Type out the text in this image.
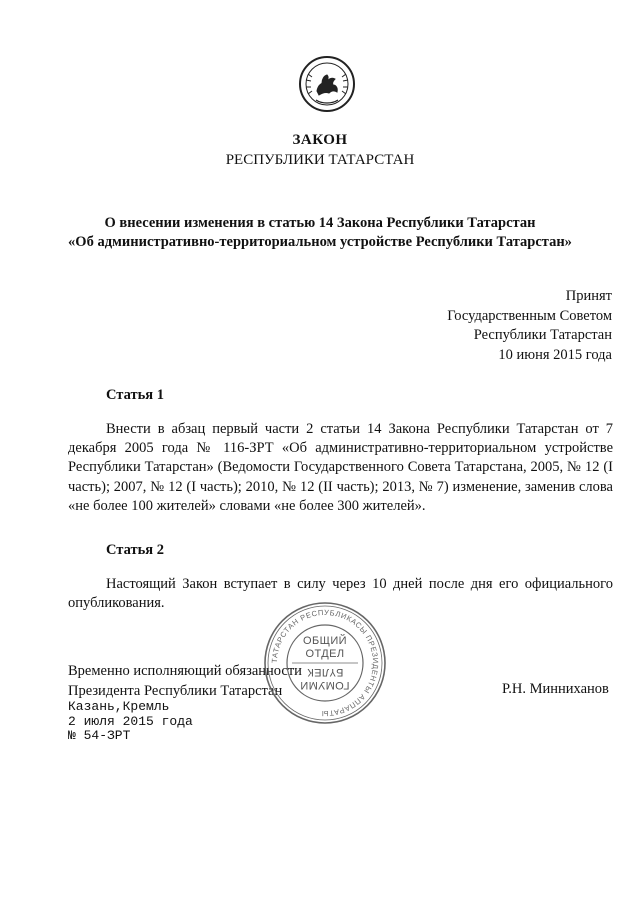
ЗАКОН
РЕСПУБЛИКИ ТАТАРСТАН
О внесении изменения в статью 14 Закона Республики Татарстан
«Об административно-территориальном устройстве Республики Татарстан»
Принят
Государственным Советом
Республики Татарстан
10 июня 2015 года
Статья 1
Внести в абзац первый части 2 статьи 14 Закона Республики Татарстан от 7 декабря 2005 года № 116-ЗРТ «Об административно-территориальном устройстве Республики Татарстан» (Ведомости Государственного Совета Татарстана, 2005, № 12 (I часть); 2007, № 12 (I часть); 2010, № 12 (II часть); 2013, № 7) изменение, заменив слова «не более 100 жителей» словами «не более 300 жителей».
Статья 2
Настоящий Закон вступает в силу через 10 дней после дня его официального опубликования.
Временно исполняющий обязанности
Президента Республики Татарстан	Р.Н. Минниханов
Казань,Кремль
2 июля 2015 года
№ 54-ЗРТ
ТАТАРСТАН РЕСПУБЛИКАСЫ ПРЕЗИДЕНТЫ АППАРАТЫ
ОБЩИЙ
ОТДЕЛ
БҮЛЕК
ГОМУМИ
